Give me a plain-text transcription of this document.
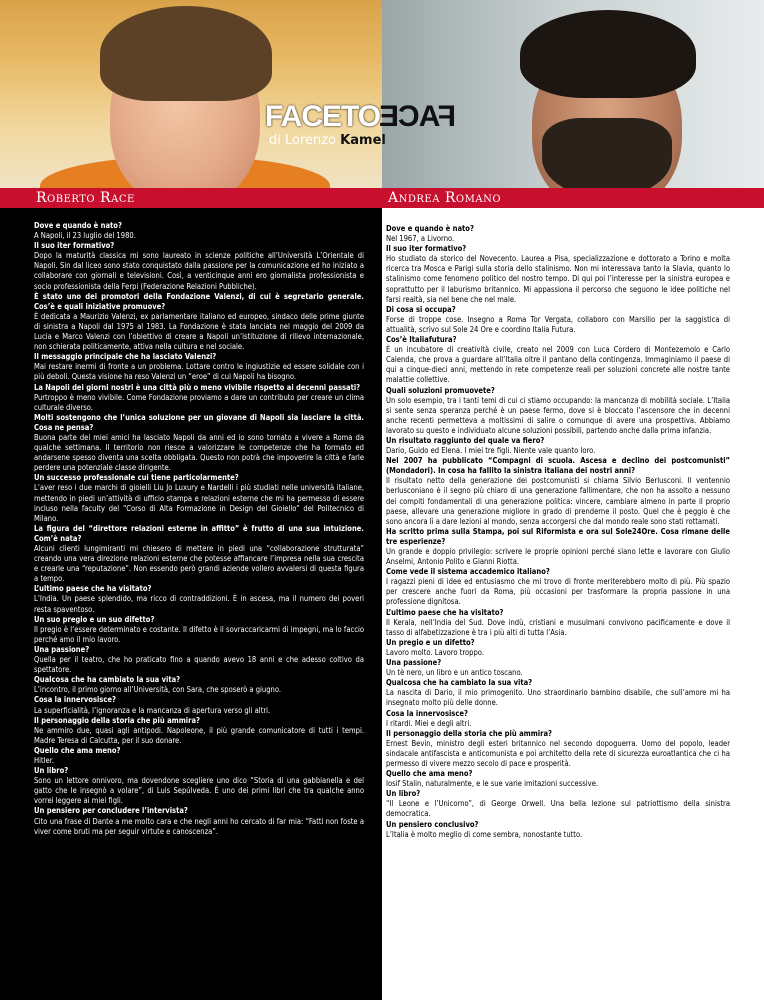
FACETOFACE
di Lorenzo Kamel
Roberto Race	Andrea Romano

Dove e quando è nato?

A Napoli, il 23 luglio del 1980.

Il suo iter formativo?

Dopo la maturità classica mi sono laureato in scienze politiche all’Università L’Orientale di Napoli. Sin dal liceo sono stato conquistato dalla passione per la comunicazione ed ho iniziato a collaborare con giornali e televisioni. Così, a venticinque anni ero giornalista professionista e socio professionista della Ferpi (Federazione Relazioni Pubbliche).

È stato uno dei promotori della Fondazione Valenzi, di cui è segretario generale. Cos’è e quali iniziative promuove?

È dedicata a Maurizio Valenzi, ex parlamentare italiano ed europeo, sindaco delle prime giunte di sinistra a Napoli dal 1975 al 1983. La Fondazione è stata lanciata nel maggio del 2009 da Lucia e Marco Valenzi con l’obiettivo di creare a Napoli un’istituzione di rilievo internazionale, non schierata politicamente, attiva nella cultura e nel sociale.

Il messaggio principale che ha lasciato Valenzi?

Mai restare inermi di fronte a un problema. Lottare contro le ingiustizie ed essere solidale con i più deboli. Questa visione ha reso Valenzi un “eroe” di cui Napoli ha bisogno.

La Napoli dei giorni nostri è una città più o meno vivibile rispetto ai decenni passati?

Purtroppo è meno vivibile. Come Fondazione proviamo a dare un contributo per creare un clima culturale diverso.

Molti sostengono che l’unica soluzione per un giovane di Napoli sia lasciare la città. Cosa ne pensa?

Buona parte dei miei amici ha lasciato Napoli da anni ed io sono tornato a vivere a Roma da qualche settimana. Il territorio non riesce a valorizzare le competenze che ha formato ed andarsene spesso diventa una scelta obbligata. Questo non potrà che impoverire la città e farle perdere una potenziale classe dirigente.

Un successo professionale cui tiene particolarmente?

L’aver reso i due marchi di gioielli Liu Jo Luxury e Nardelli i più studiati nelle università italiane, mettendo in piedi un’attività di ufficio stampa e relazioni esterne che mi ha permesso di essere incluso nella faculty del “Corso di Alta Formazione in Design del Gioiello” del Politecnico di Milano.

La figura del “direttore relazioni esterne in affitto” è frutto di una sua intuizione. Com’è nata?

Alcuni clienti lungimiranti mi chiesero di mettere in piedi una “collaborazione strutturata” creando una vera direzione relazioni esterne che potesse affiancare l’impresa nella sua crescita e crearle una “reputazione”. Non essendo però grandi aziende vollero avvalersi di questa figura a tempo.

L’ultimo paese che ha visitato?

L’India. Un paese splendido, ma ricco di contraddizioni. È in ascesa, ma il numero dei poveri resta spaventoso.

Un suo pregio e un suo difetto?

Il pregio è l’essere determinato e costante. Il difetto è il sovraccaricarmi di impegni, ma lo faccio perché amo il mio lavoro.

Una passione?

Quella per il teatro, che ho praticato fino a quando avevo 18 anni e che adesso coltivo da spettatore.

Qualcosa che ha cambiato la sua vita?

L’incontro, il primo giorno all’Università, con Sara, che sposerò a giugno.

Cosa la innervosisce?

La superficialità, l’ignoranza e la mancanza di apertura verso gli altri.

Il personaggio della storia che più ammira?

Ne ammiro due, quasi agli antipodi. Napoleone, il più grande comunicatore di tutti i tempi. Madre Teresa di Calcutta, per il suo donare.

Quello che ama meno?

Hitler.

Un libro?

Sono un lettore onnivoro, ma dovendone scegliere uno dico “Storia di una gabbianella e del gatto che le insegnò a volare”, di Luis Sepúlveda. È uno dei primi libri che tra qualche anno vorrei leggere ai miei figli.

Un pensiero per concludere l’intervista?

Cito una frase di Dante a me molto cara e che negli anni ho cercato di far mia: “Fatti non foste a viver come bruti ma per seguir virtute e canoscenza”.

Dove e quando è nato?

Nel 1967, a Livorno.

Il suo iter formativo?

Ho studiato da storico del Novecento. Laurea a Pisa, specializzazione e dottorato a Torino e molta ricerca tra Mosca e Parigi sulla storia dello stalinismo. Non mi interessava tanto la Slavia, quanto lo stalinismo come fenomeno politico del nostro tempo. Di qui poi l’interesse per la sinistra europea e soprattutto per il laburismo britannico. Mi appassiona il percorso che seguono le idee politiche nel farsi realtà, sia nel bene che nel male.

Di cosa si occupa?

Forse di troppe cose. Insegno a Roma Tor Vergata, collaboro con Marsilio per la saggistica di attualità, scrivo sul Sole 24 Ore e coordino Italia Futura.

Cos’è Italiafutura?

È un incubatore di creatività civile, creato nel 2009 con Luca Cordero di Montezemolo e Carlo Calenda, che prova a guardare all’Italia oltre il pantano della contingenza. Immaginiamo il paese di qui a cinque-dieci anni, mettendo in rete competenze reali per soluzioni concrete alle nostre tante malattie collettive.

Quali soluzioni promuovete?

Un solo esempio, tra i tanti temi di cui ci stiamo occupando: la mancanza di mobilità sociale. L’Italia si sente senza speranza perché è un paese fermo, dove si è bloccato l’ascensore che in decenni anche recenti permetteva a moltissimi di salire o comunque di avere una prospettiva. Abbiamo lavorato su questo e individuato alcune soluzioni possibili, partendo anche dalla prima infanzia.

Un risultato raggiunto del quale va fiero?

Dario, Guido ed Elena. I miei tre figli. Niente vale quanto loro.

Nel 2007 ha pubblicato “Compagni di scuola. Ascesa e declino dei postcomunisti” (Mondadori). In cosa ha fallito la sinistra italiana dei nostri anni?

Il risultato netto della generazione dei postcomunisti si chiama Silvio Berlusconi. Il ventennio berlusconiano è il segno più chiaro di una generazione fallimentare, che non ha assolto a nessuno dei compiti fondamentali di una generazione politica: vincere, cambiare almeno in parte il proprio paese, allevare una generazione migliore in grado di prenderne il posto. Quel che è peggio è che sono ancora lì a dare lezioni al mondo, senza accorgersi che dal mondo reale sono stati rottamati.

Ha scritto prima sulla Stampa, poi sul Riformista e ora sul Sole24Ore. Cosa rimane delle tre esperienze?

Un grande e doppio privilegio: scrivere le proprie opinioni perché siano lette e lavorare con Giulio Anselmi, Antonio Polito e Gianni Riotta.

Come vede il sistema accademico italiano?

I ragazzi pieni di idee ed entusiasmo che mi trovo di fronte meriterebbero molto di più. Più spazio per crescere anche fuori da Roma, più occasioni per trasformare la propria passione in una professione dignitosa.

L’ultimo paese che ha visitato?

Il Kerala, nell’India del Sud. Dove indù, cristiani e musulmani convivono pacificamente e dove il tasso di alfabetizzazione è tra i più alti di tutta l’Asia.

Un pregio e un difetto?

Lavoro molto. Lavoro troppo.

Una passione?

Un tè nero, un libro e un antico toscano.

Qualcosa che ha cambiato la sua vita?

La nascita di Dario, il mio primogenito. Uno straordinario bambino disabile, che sull’amore mi ha insegnato molto più delle donne.

Cosa la innervosisce?

I ritardi. Miei e degli altri.

Il personaggio della storia che più ammira?

Ernest Bevin, ministro degli esteri britannico nel secondo dopoguerra. Uomo del popolo, leader sindacale antifascista e anticomunista e poi architetto della rete di sicurezza euroatlantica che ci ha permesso di vivere mezzo secolo di pace e prosperità.

Quello che ama meno?

Iosif Stalin, naturalmente, e le sue varie imitazioni successive.

Un libro?

“Il Leone e l’Unicorno”, di George Orwell. Una bella lezione sul patriottismo della sinistra democratica.

Un pensiero conclusivo?

L’Italia è molto meglio di come sembra, nonostante tutto.
